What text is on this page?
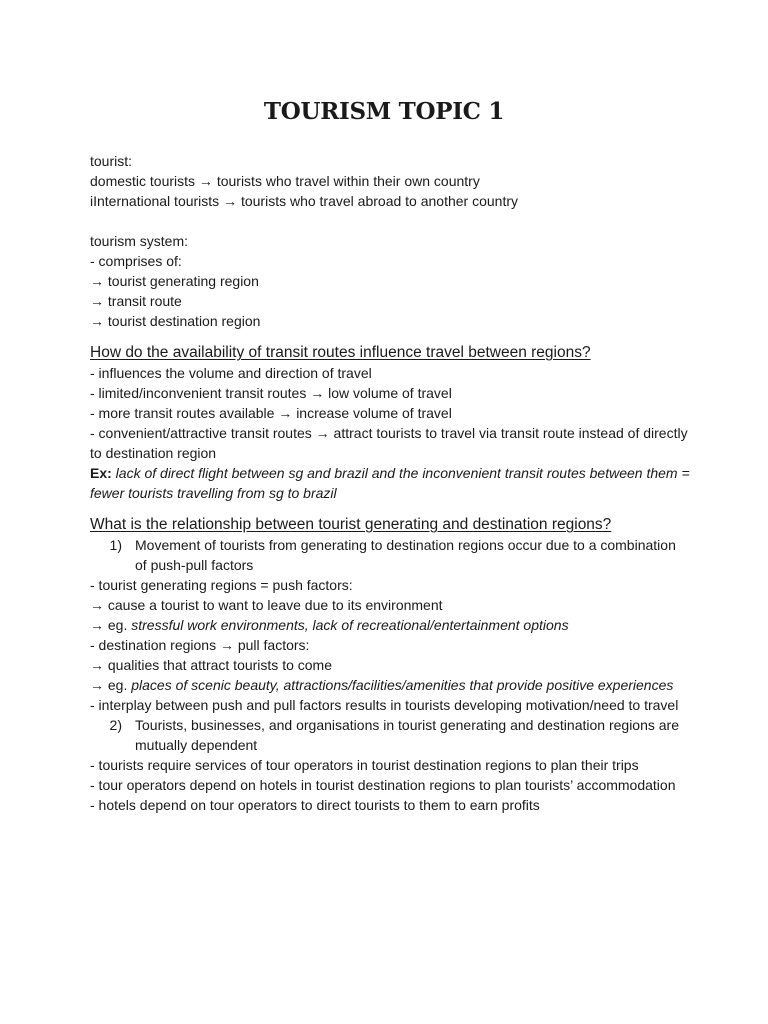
TOURISM TOPIC 1

tourist:

domestic tourists → tourists who travel within their own country

iInternational tourists → tourists who travel abroad to another country

tourism system:

- comprises of:

→ tourist generating region

→ transit route

→ tourist destination region

How do the availability of transit routes influence travel between regions?

- influences the volume and direction of travel

- limited/inconvenient transit routes → low volume of travel

- more transit routes available → increase volume of travel

- convenient/attractive transit routes → attract tourists to travel via transit route instead of directly to destination region

Ex: lack of direct flight between sg and brazil and the inconvenient transit routes between them = fewer tourists travelling from sg to brazil

What is the relationship between tourist generating and destination regions?

1) Movement of tourists from generating to destination regions occur due to a combination of push-pull factors

- tourist generating regions = push factors:

→ cause a tourist to want to leave due to its environment

→ eg. stressful work environments, lack of recreational/entertainment options

- destination regions → pull factors:

→ qualities that attract tourists to come

→ eg. places of scenic beauty, attractions/facilities/amenities that provide positive experiences

- interplay between push and pull factors results in tourists developing motivation/need to travel

2) Tourists, businesses, and organisations in tourist generating and destination regions are mutually dependent

- tourists require services of tour operators in tourist destination regions to plan their trips

- tour operators depend on hotels in tourist destination regions to plan tourists’ accommodation

- hotels depend on tour operators to direct tourists to them to earn profits
